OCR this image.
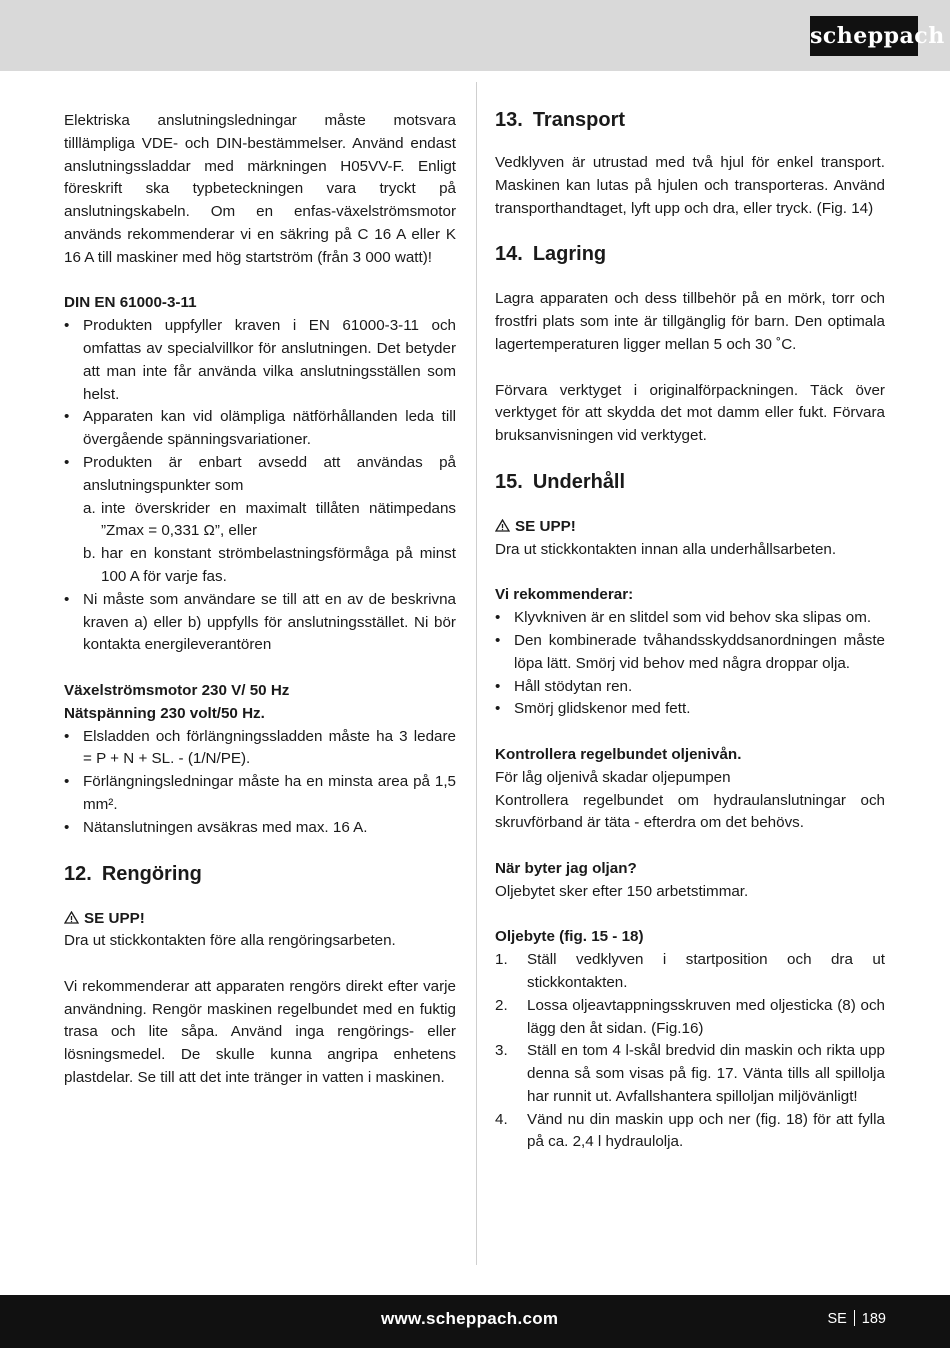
scheppach

Elektriska anslutningsledningar måste motsvara tilllämpliga VDE- och DIN-bestämmelser. Använd endast anslutningssladdar med märkningen H05VV-F. Enligt föreskrift ska typbeteckningen vara tryckt på anslutningskabeln. Om en enfas-växelströmsmotor används rekommenderar vi en säkring på C 16 A eller K 16 A till maskiner med hög startström (från 3 000 watt)!

DIN EN 61000-3-11

• Produkten uppfyller kraven i EN 61000-3-11 och omfattas av specialvillkor för anslutningen. Det betyder att man inte får använda vilka anslutningsställen som helst.
• Apparaten kan vid olämpliga nätförhållanden leda till övergående spänningsvariationer.
• Produkten är enbart avsedd att användas på anslutningspunkter som
a. inte överskrider en maximalt tillåten nätimpedans ”Zmax = 0,331 Ω”, eller
b. har en konstant strömbelastningsförmåga på minst 100 A för varje fas.
• Ni måste som användare se till att en av de beskrivna kraven a) eller b) uppfylls för anslutningsstället. Ni bör kontakta energileverantören

Växelströmsmotor 230 V/ 50 Hz

Nätspänning 230 volt/50 Hz.

• Elsladden och förlängningssladden måste ha 3 ledare = P + N + SL. - (1/N/PE).
• Förlängningsledningar måste ha en minsta area på 1,5 mm².
• Nätanslutningen avsäkras med max. 16 A.
12. Rengöring

SE UPP!

Dra ut stickkontakten före alla rengöringsarbeten.

Vi rekommenderar att apparaten rengörs direkt efter varje användning. Rengör maskinen regelbundet med en fuktig trasa och lite såpa. Använd inga rengörings- eller lösningsmedel. De skulle kunna angripa enhetens plastdelar. Se till att det inte tränger in vatten i maskinen.

13. Transport

Vedklyven är utrustad med två hjul för enkel transport. Maskinen kan lutas på hjulen och transporteras. Använd transporthandtaget, lyft upp och dra, eller tryck. (Fig. 14)

14. Lagring

Lagra apparaten och dess tillbehör på en mörk, torr och frostfri plats som inte är tillgänglig för barn. Den optimala lagertemperaturen ligger mellan 5 och 30 ˚C.

Förvara verktyget i originalförpackningen. Täck över verktyget för att skydda det mot damm eller fukt. Förvara bruksanvisningen vid verktyget.

15. Underhåll

SE UPP!

Dra ut stickkontakten innan alla underhållsarbeten.

Vi rekommenderar:

• Klyvkniven är en slitdel som vid behov ska slipas om.
• Den kombinerade tvåhandsskyddsanordningen måste löpa lätt. Smörj vid behov med några droppar olja.
• Håll stödytan ren.
• Smörj glidskenor med fett.

Kontrollera regelbundet oljenivån.

För låg oljenivå skadar oljepumpen

Kontrollera regelbundet om hydraulanslutningar och skruvförband är täta - efterdra om det behövs.

När byter jag oljan?

Oljebytet sker efter 150 arbetstimmar.

Oljebyte (fig. 15 - 18)

1. Ställ vedklyven i startposition och dra ut stickkontakten.
2. Lossa oljeavtappningsskruven med oljesticka (8) och lägg den åt sidan. (Fig.16)
3. Ställ en tom 4 l-skål bredvid din maskin och rikta upp denna så som visas på fig. 17. Vänta tills all spillolja har runnit ut. Avfallshantera spilloljan miljövänligt!
4. Vänd nu din maskin upp och ner (fig. 18) för att fylla på ca. 2,4 l hydraulolja.
www.scheppach.com	SE 189
